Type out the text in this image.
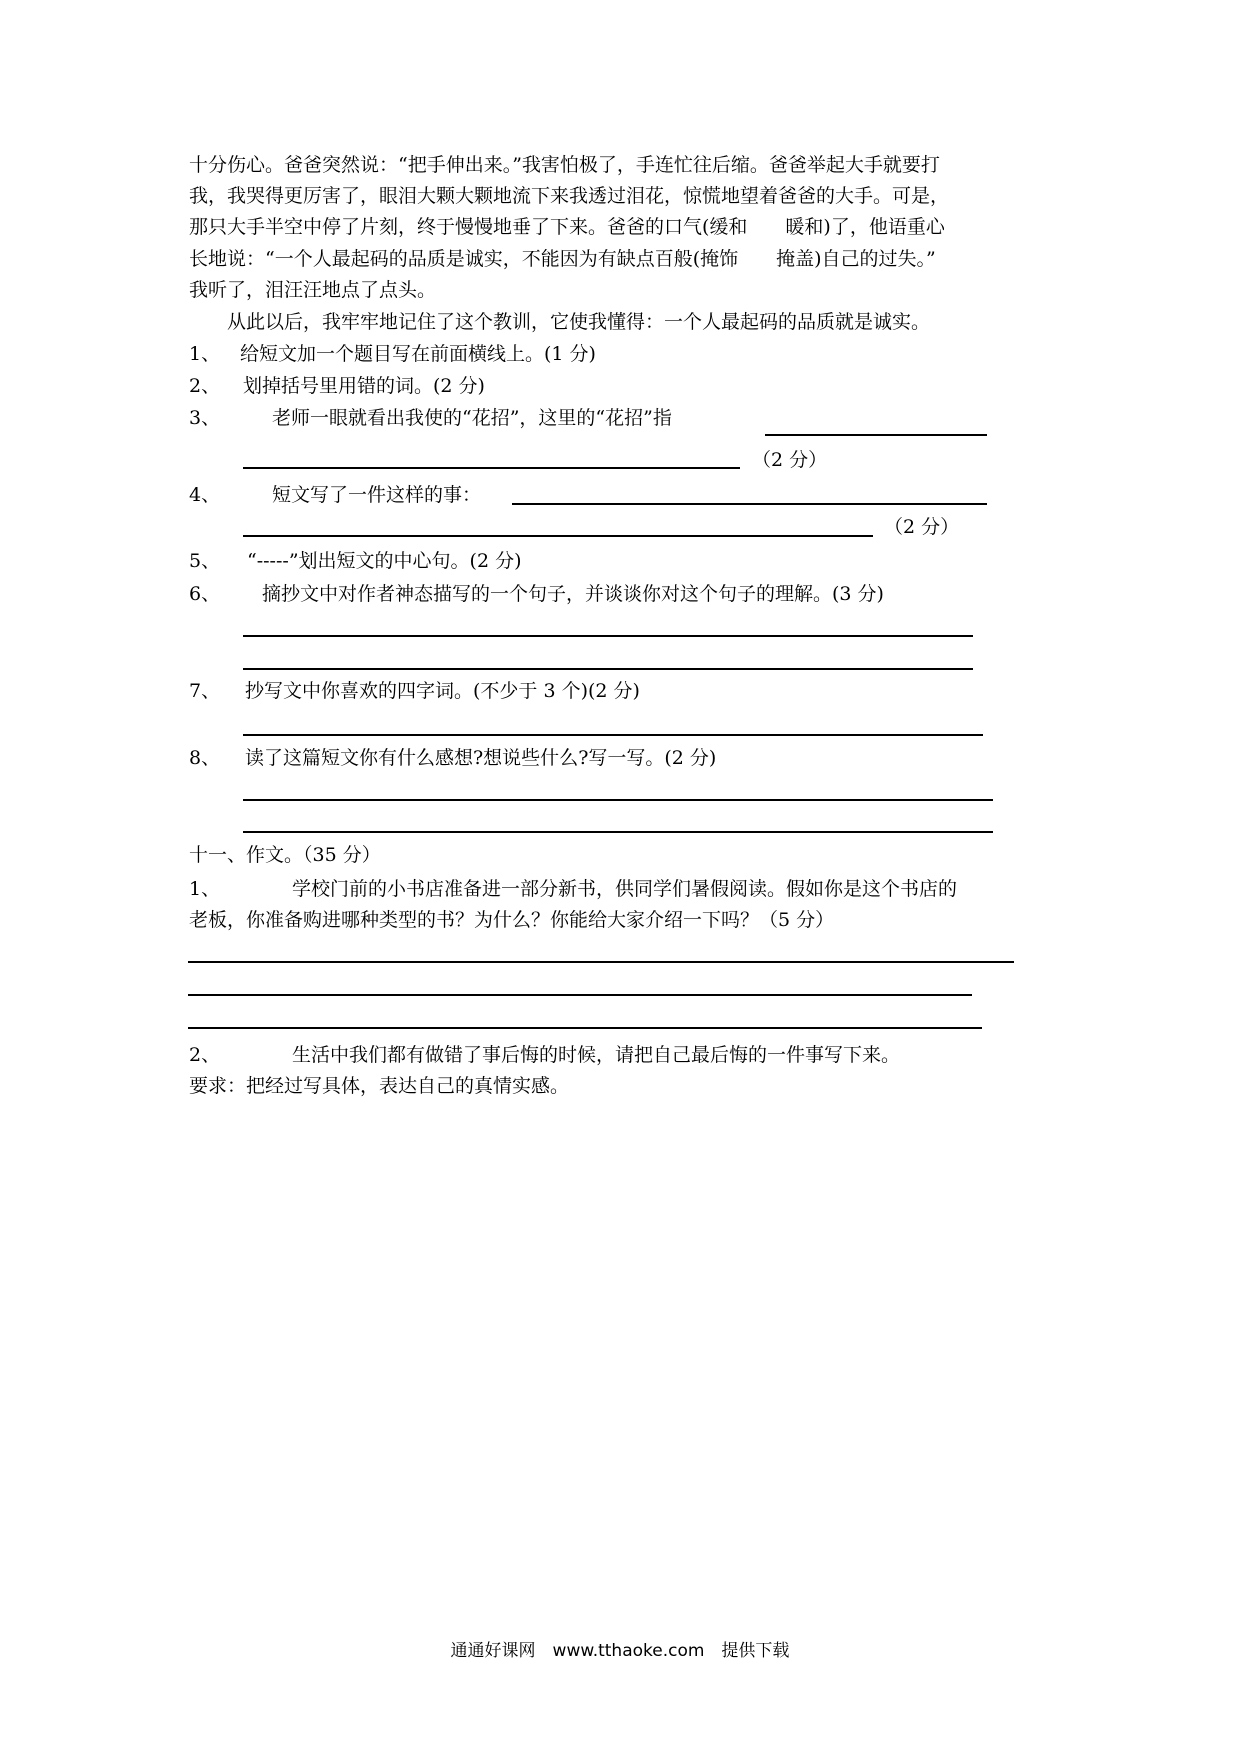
十分伤心。爸爸突然说：“把手伸出来。”我害怕极了，手连忙往后缩。爸爸举起大手就要打
我，我哭得更厉害了，眼泪大颗大颗地流下来我透过泪花，惊慌地望着爸爸的大手。可是，
那只大手半空中停了片刻，终于慢慢地垂了下来。爸爸的口气(缓和　　暖和)了，他语重心
长地说：“一个人最起码的品质是诚实，不能因为有缺点百般(掩饰　　掩盖)自己的过失。”
我听了，泪汪汪地点了点头。
　　从此以后，我牢牢地记住了这个教训，它使我懂得：一个人最起码的品质就是诚实。
1、 给短文加一个题目写在前面横线上。(1 分)
2、 划掉括号里用错的词。(2 分)
3、	老师一眼就看出我使的“花招”，这里的“花招”指
（2 分）
4、	短文写了一件这样的事：
（2 分）
5、 “-----”划出短文的中心句。(2 分)
6、 摘抄文中对作者神态描写的一个句子，并谈谈你对这个句子的理解。(3 分)
7、 抄写文中你喜欢的四字词。(不少于 3 个)(2 分)
8、 读了这篇短文你有什么感想?想说些什么?写一写。(2 分)
十一、作文。（35 分）
1、	学校门前的小书店准备进一部分新书，供同学们暑假阅读。假如你是这个书店的
老板，你准备购进哪种类型的书？为什么？你能给大家介绍一下吗？（5 分）
2、	生活中我们都有做错了事后悔的时候，请把自己最后悔的一件事写下来。
要求：把经过写具体，表达自己的真情实感。
通通好课网　www.tthaoke.com　提供下载
